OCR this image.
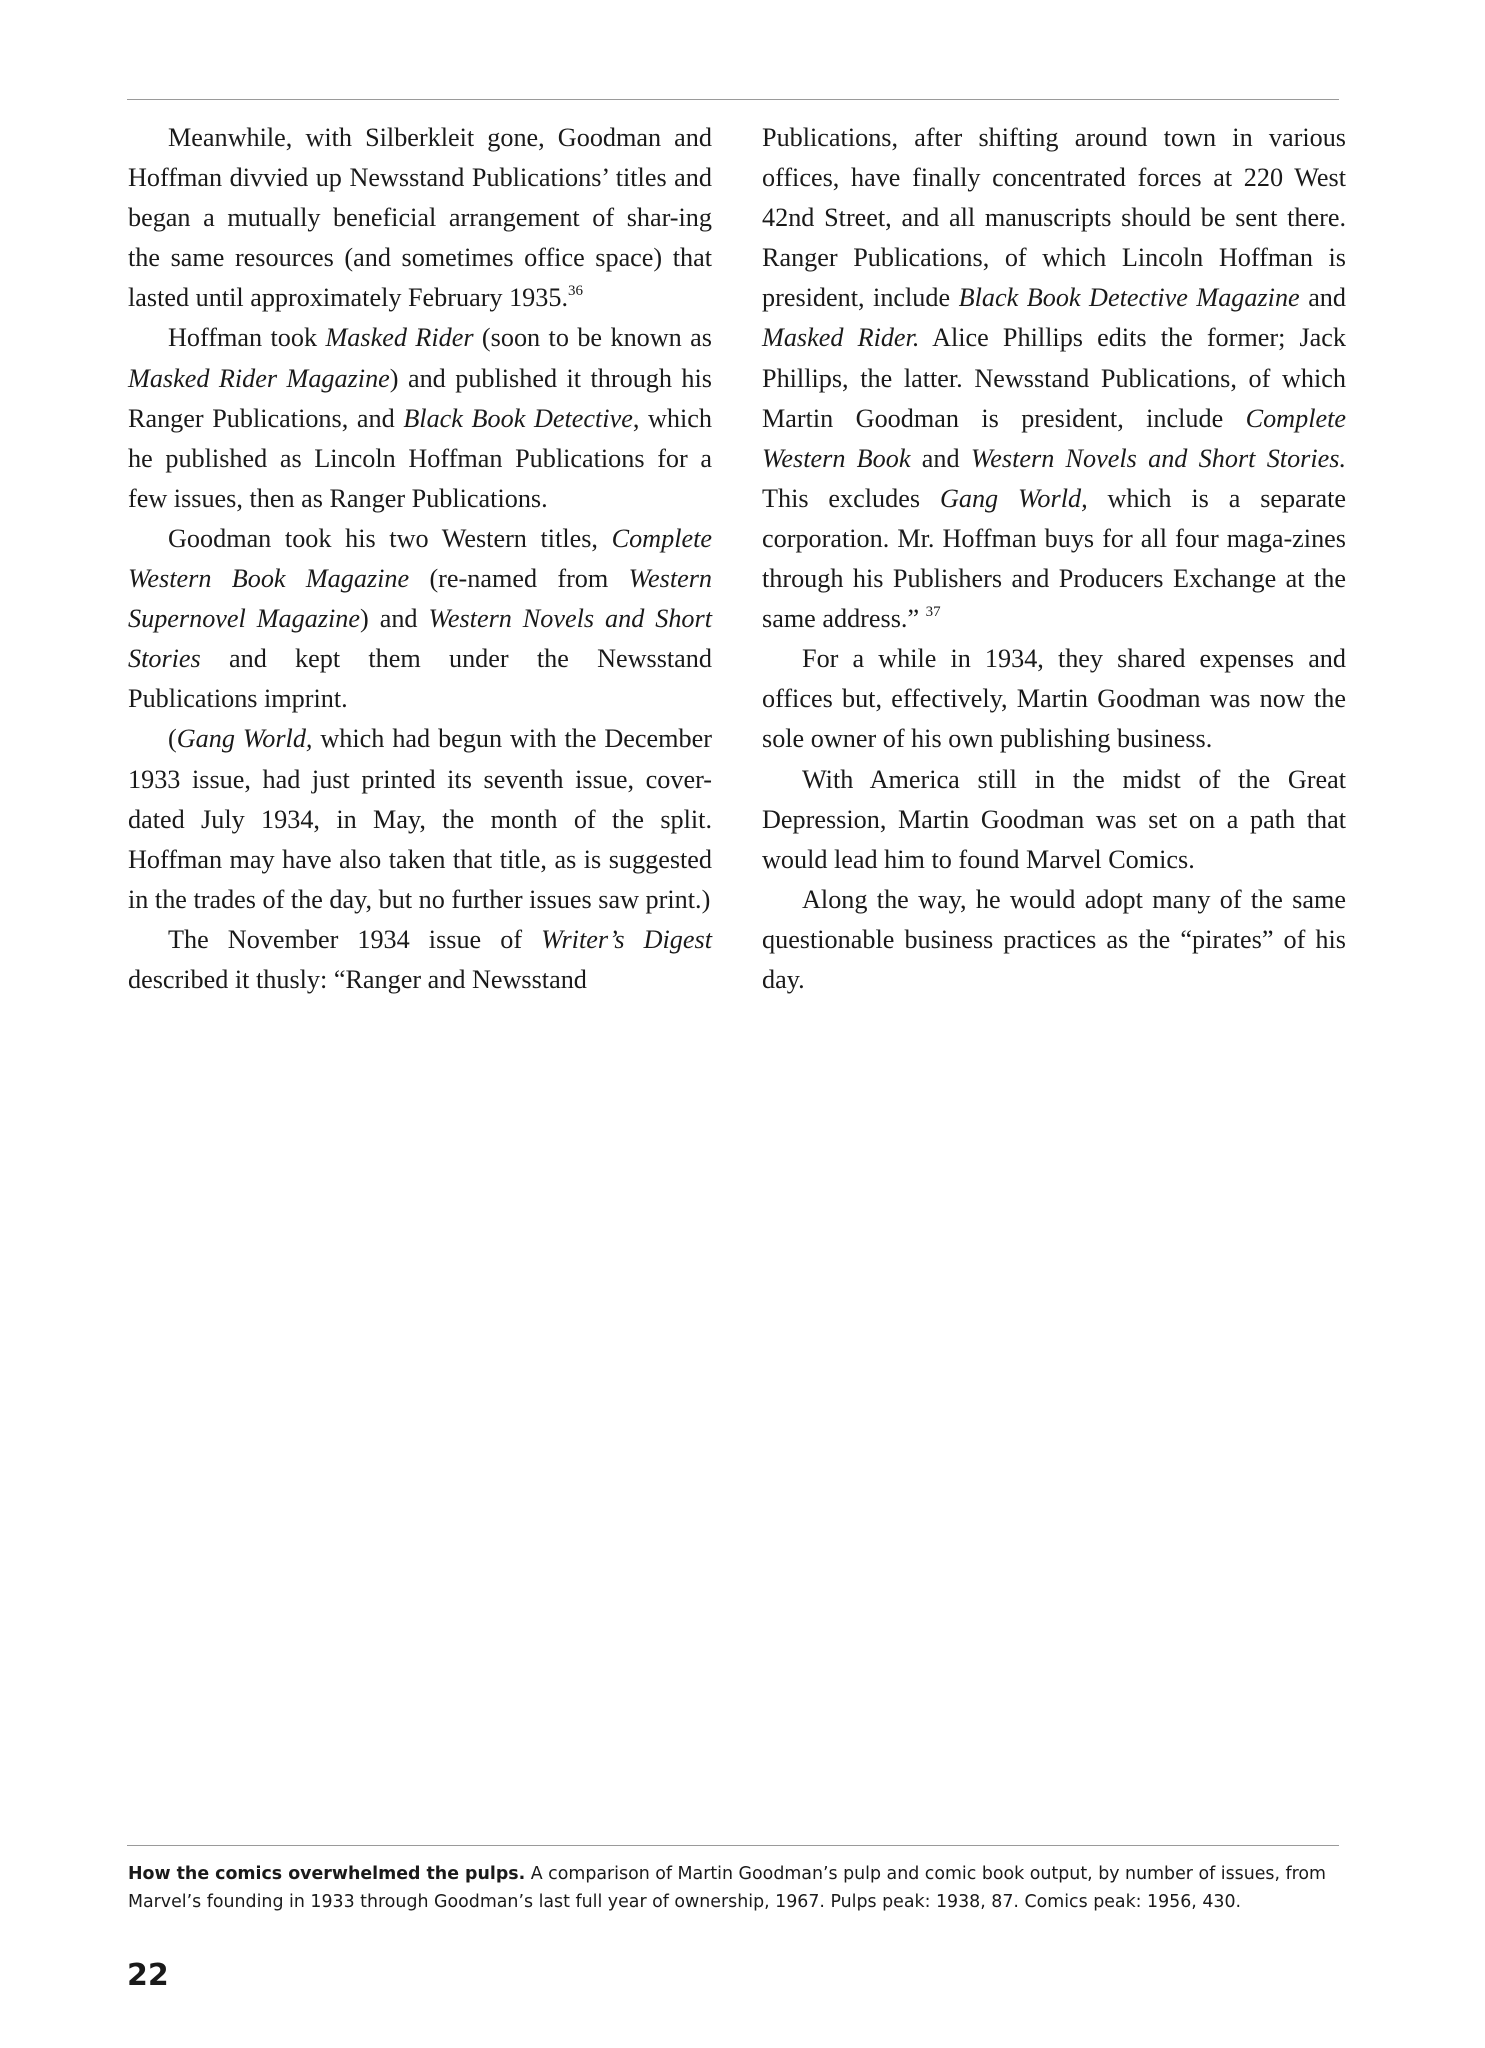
Meanwhile, with Silberkleit gone, Goodman and Hoffman divvied up Newsstand Publications’ titles and began a mutually beneficial arrangement of shar-ing the same resources (and sometimes office space) that lasted until approximately February 1935.36

Hoffman took Masked Rider (soon to be known as Masked Rider Magazine) and published it through his Ranger Publications, and Black Book Detective, which he published as Lincoln Hoffman Publications for a few issues, then as Ranger Publications.

Goodman took his two Western titles, Complete Western Book Magazine (re-named from Western Supernovel Magazine) and Western Novels and Short Stories and kept them under the Newsstand Publications imprint.

(Gang World, which had begun with the December 1933 issue, had just printed its seventh issue, cover-dated July 1934, in May, the month of the split. Hoffman may have also taken that title, as is suggested in the trades of the day, but no further issues saw print.)

The November 1934 issue of Writer’s Digest described it thusly: “Ranger and Newsstand

Publications, after shifting around town in various offices, have finally concentrated forces at 220 West 42nd Street, and all manuscripts should be sent there. Ranger Publications, of which Lincoln Hoffman is president, include Black Book Detective Magazine and Masked Rider. Alice Phillips edits the former; Jack Phillips, the latter. Newsstand Publications, of which Martin Goodman is president, include Complete Western Book and Western Novels and Short Stories. This excludes Gang World, which is a separate corporation. Mr. Hoffman buys for all four maga-zines through his Publishers and Producers Exchange at the same address.” $^{37}$

For a while in 1934, they shared expenses and offices but, effectively, Martin Goodman was now the sole owner of his own publishing business.

With America still in the midst of the Great Depression, Martin Goodman was set on a path that would lead him to found Marvel Comics.

Along the way, he would adopt many of the same questionable business practices as the “pirates” of his day.

How the comics overwhelmed the pulps. A comparison of Martin Goodman’s pulp and comic book output, by number of issues, from Marvel’s founding in 1933 through Goodman’s last full year of ownership, 1967. Pulps peak: 1938, 87. Comics peak: 1956, 430.
22
